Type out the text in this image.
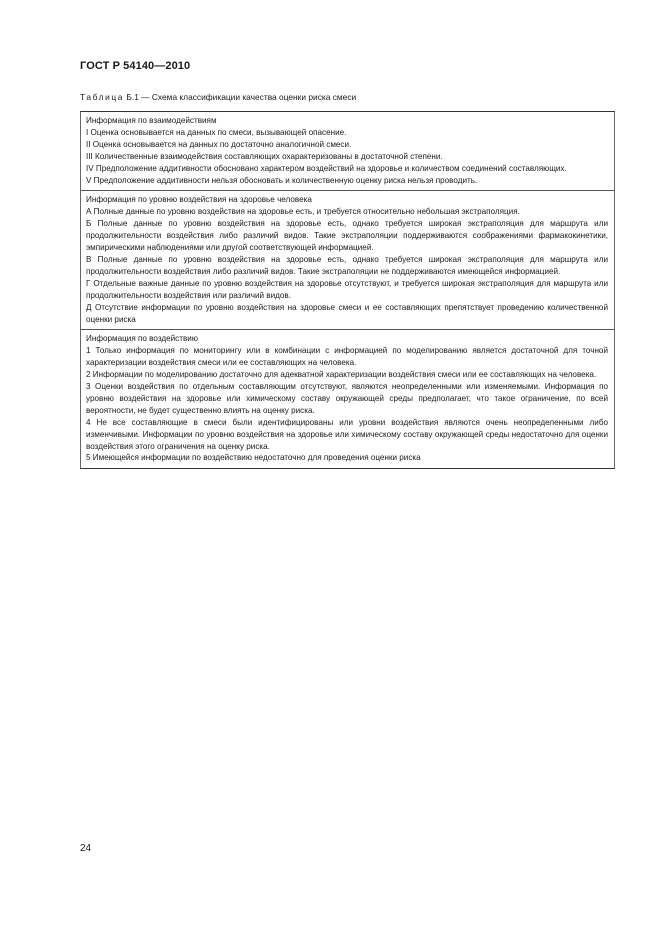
ГОСТ Р 54140—2010
Таблица Б.1 — Схема классификации качества оценки риска смеси
Информация по взаимодействиям
I Оценка основывается на данных по смеси, вызывающей опасение.
II Оценка основывается на данных по достаточно аналогичной смеси.
III Количественные взаимодействия составляющих охарактеризованы в достаточной степени.
IV Предположение аддитивности обосновано характером воздействий на здоровье и количеством соединений составляющих.
V Предположение аддитивности нельзя обосновать и количественную оценку риска нельзя проводить.
Информация по уровню воздействия на здоровье человека
А Полные данные по уровню воздействия на здоровье есть, и требуется относительно небольшая экстраполяция.
Б Полные данные по уровню воздействия на здоровье есть, однако требуется широкая экстраполяция для маршрута или продолжительности воздействия либо различий видов. Такие экстраполяции поддерживаются соображениями фармакокинетики, эмпирическими наблюдениями или другой соответствующей информацией.
В Полные данные по уровню воздействия на здоровье есть, однако требуется широкая экстраполяция для маршрута или продолжительности воздействия либо различий видов. Такие экстраполяции не поддерживаются имеющейся информацией.
Г Отдельные важные данные по уровню воздействия на здоровье отсутствуют, и требуется широкая экстраполяция для маршрута или продолжительности воздействия или различий видов.
Д Отсутствие информации по уровню воздействия на здоровье смеси и ее составляющих препятствует проведению количественной оценки риска
Информация по воздействию
1 Только информация по мониторингу или в комбинации с информацией по моделированию является достаточной для точной характеризации воздействия смеси или ее составляющих на человека.
2 Информации по моделированию достаточно для адекватной характеризации воздействия смеси или ее составляющих на человека.
3 Оценки воздействия по отдельным составляющим отсутствуют, являются неопределенными или изменяемыми. Информация по уровню воздействия на здоровье или химическому составу окружающей среды предполагает, что такое ограничение, по всей вероятности, не будет существенно влиять на оценку риска.
4 Не все составляющие в смеси были идентифицированы или уровни воздействия являются очень неопределенными либо изменчивыми. Информации по уровню воздействия на здоровье или химическому составу окружающей среды недостаточно для оценки воздействия этого ограничения на оценку риска.
5 Имеющейся информации по воздействию недостаточно для проведения оценки риска
24
